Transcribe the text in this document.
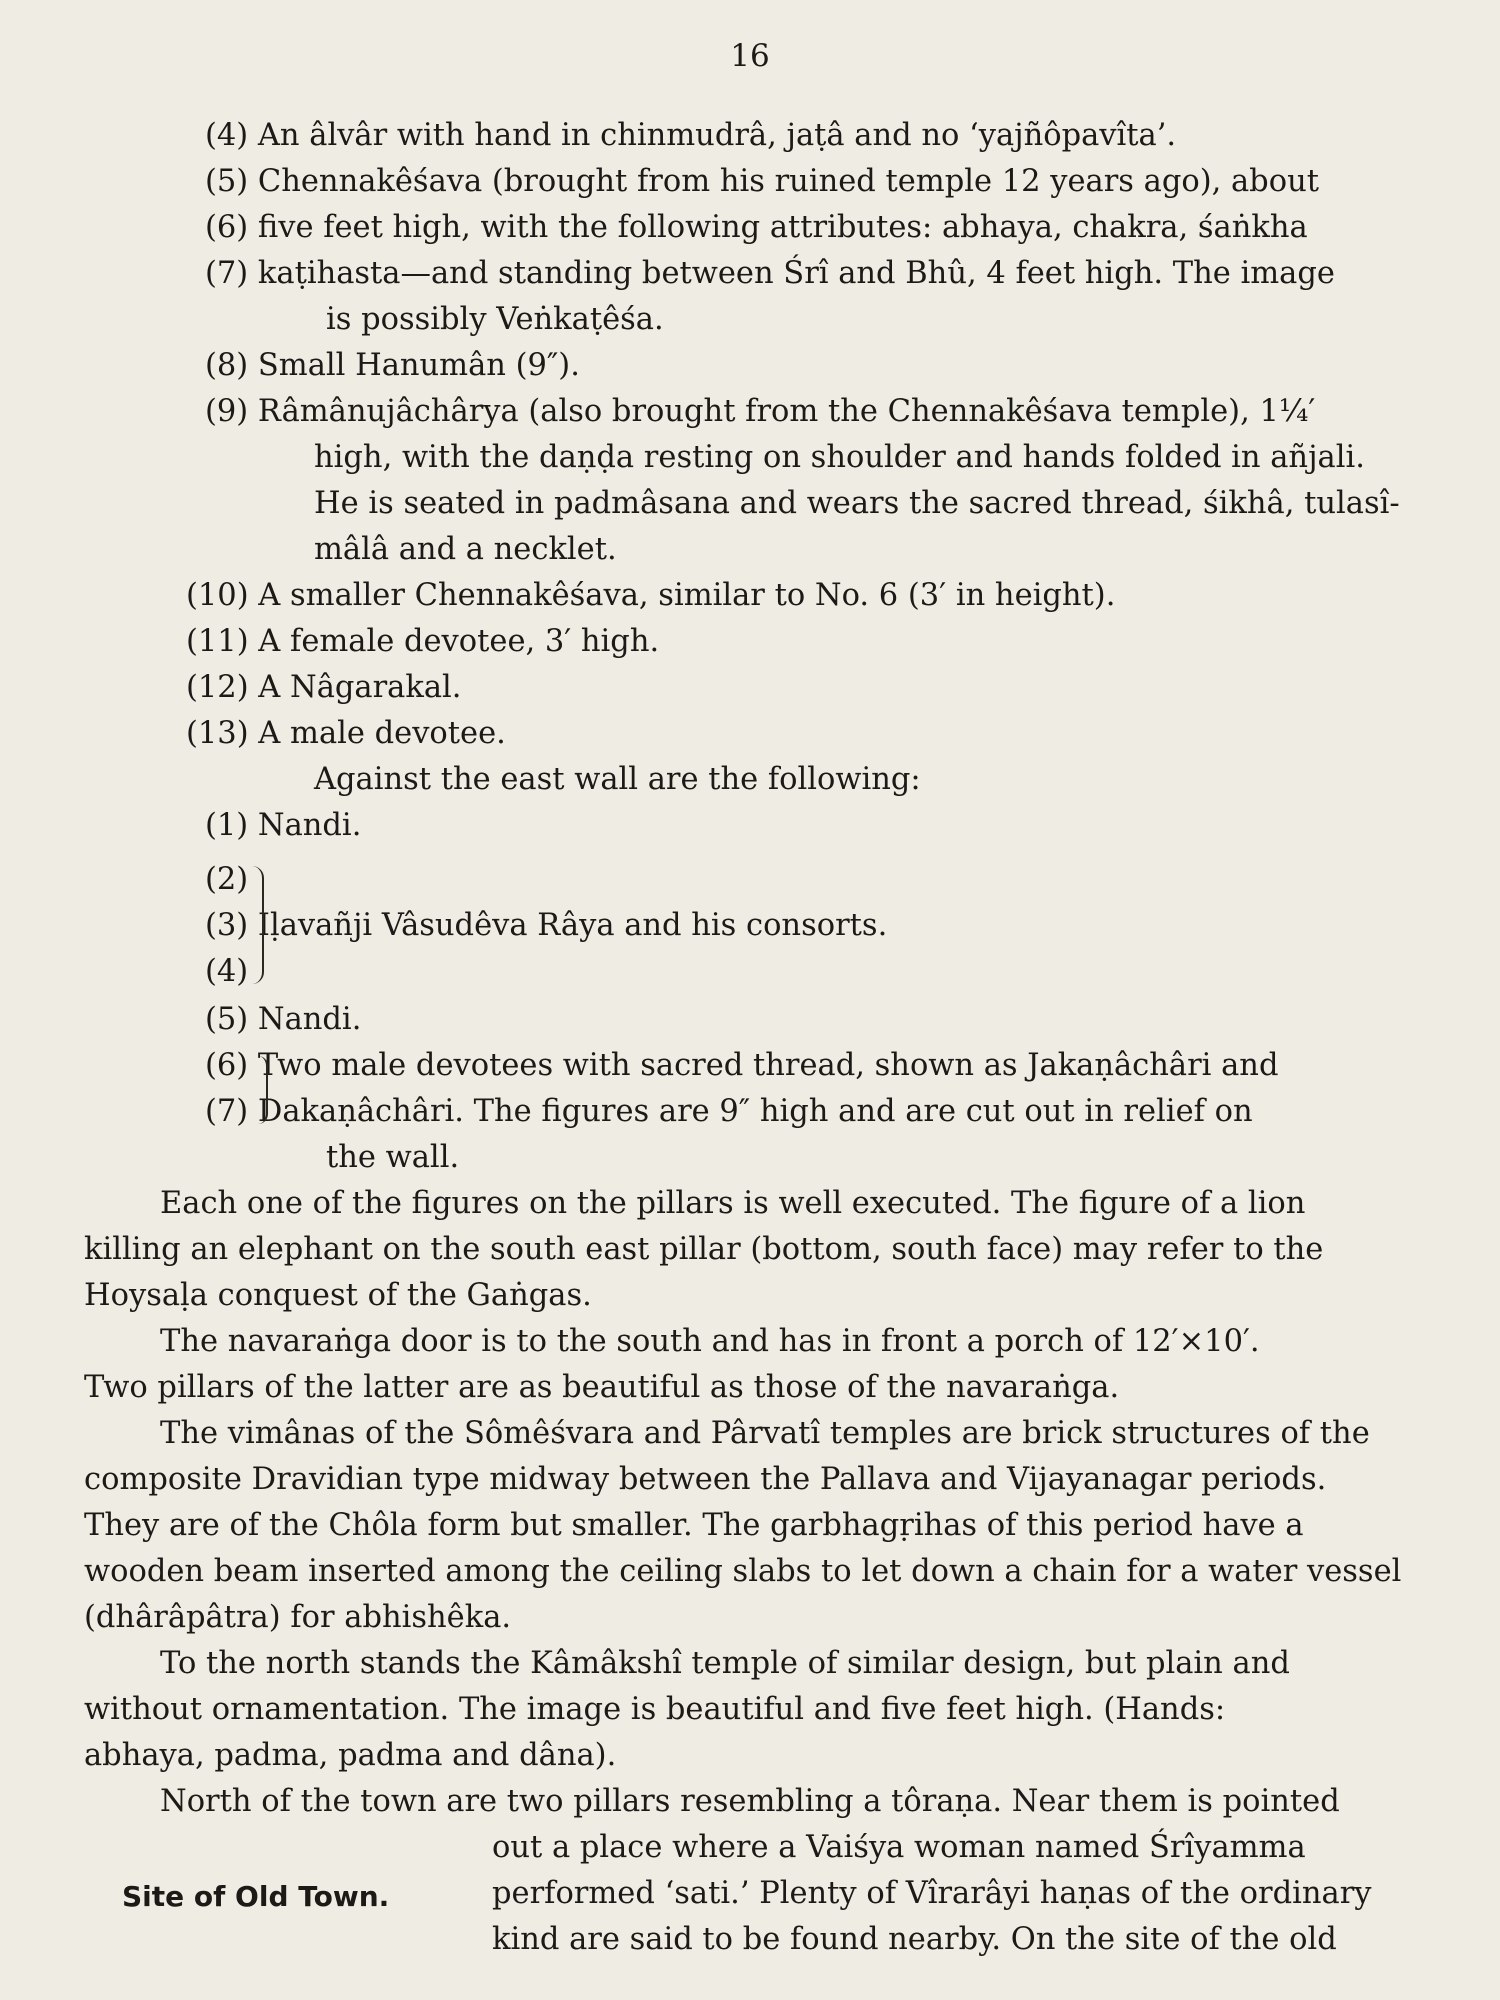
16
(4) An âlvâr with hand in chinmudrâ, jaṭâ and no ‘yajñôpavîta’.
(5) Chennakêśava (brought from his ruined temple 12 years ago), about
(6) five feet high, with the following attributes: abhaya, chakra, śaṅkha
(7) kaṭihasta—and standing between Śrî and Bhû, 4 feet high. The image
is possibly Veṅkaṭêśa.
(8) Small Hanumân (9″).
(9) Râmânujâchârya (also brought from the Chennakêśava temple), 1¼′
high, with the daṇḍa resting on shoulder and hands folded in añjali.
He is seated in padmâsana and wears the sacred thread, śikhâ, tulasî-
mâlâ and a necklet.
(10) A smaller Chennakêśava, similar to No. 6 (3′ in height).
(11) A female devotee, 3′ high.
(12) A Nâgarakal.
(13) A male devotee.
Against the east wall are the following:
(1) Nandi.
(2)
(3) Iḷavañji Vâsudêva Râya and his consorts.
(4)
(5) Nandi.
(6) Two male devotees with sacred thread, shown as Jakaṇâchâri and
(7) Dakaṇâchâri. The figures are 9″ high and are cut out in relief on
the wall.
Each one of the figures on the pillars is well executed. The figure of a lion
killing an elephant on the south east pillar (bottom, south face) may refer to the
Hoysaḷa conquest of the Gaṅgas.
The navaraṅga door is to the south and has in front a porch of 12′×10′.
Two pillars of the latter are as beautiful as those of the navaraṅga.
The vimânas of the Sômêśvara and Pârvatî temples are brick structures of the
composite Dravidian type midway between the Pallava and Vijayanagar periods.
They are of the Chôla form but smaller. The garbhagṛihas of this period have a
wooden beam inserted among the ceiling slabs to let down a chain for a water vessel
(dhârâpâtra) for abhishêka.
To the north stands the Kâmâkshî temple of similar design, but plain and
without ornamentation. The image is beautiful and five feet high. (Hands:
abhaya, padma, padma and dâna).
North of the town are two pillars resembling a tôraṇa. Near them is pointed
out a place where a Vaiśya woman named Śrîyamma
performed ‘sati.’ Plenty of Vîrarâyi haṇas of the ordinary
kind are said to be found nearby. On the site of the old
Site of Old Town.
